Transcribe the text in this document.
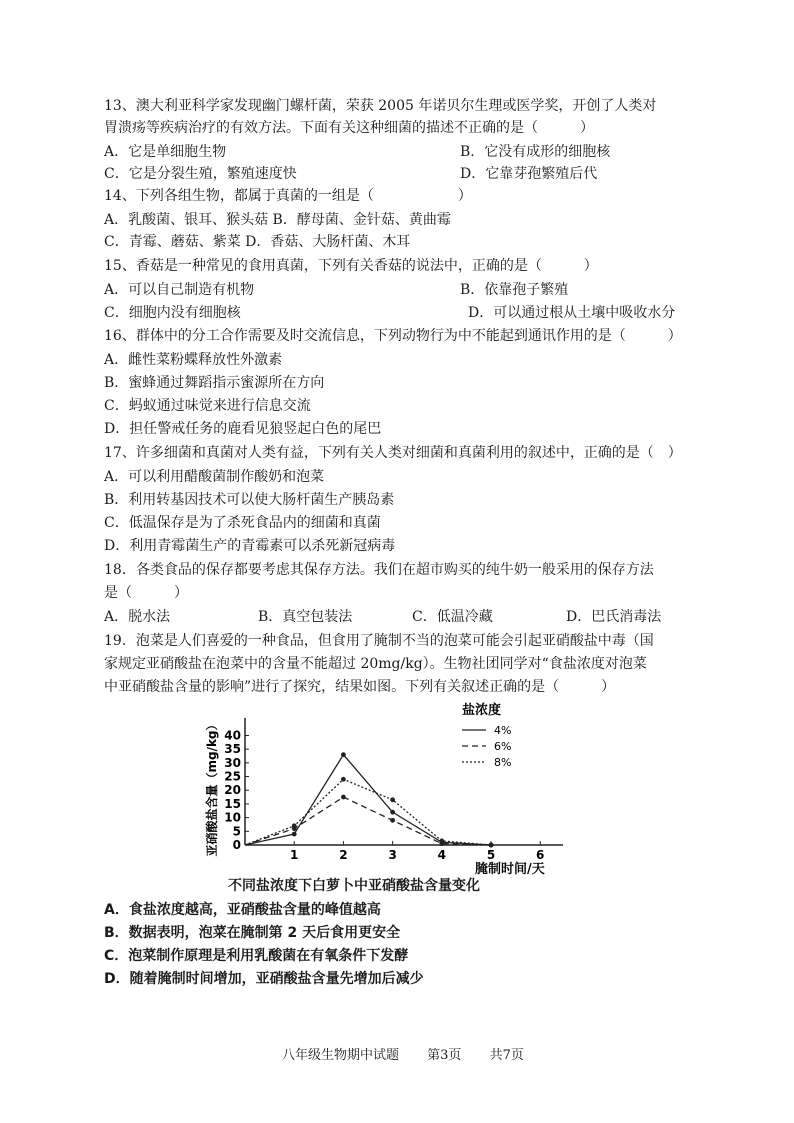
13、澳大利亚科学家发现幽门螺杆菌，荣获 2005 年诺贝尔生理或医学奖，开创了人类对
胃溃疡等疾病治疗的有效方法。下面有关这种细菌的描述不正确的是（　　　）
A．它是单细胞生物	B．它没有成形的细胞核
C．它是分裂生殖，繁殖速度快	D．它靠芽孢繁殖后代
14、下列各组生物，都属于真菌的一组是（　　　　　　）
A．乳酸菌、银耳、猴头菇 B．酵母菌、金针菇、黄曲霉
C．青霉、蘑菇、紫菜 D．香菇、大肠杆菌、木耳
15、香菇是一种常见的食用真菌，下列有关香菇的说法中，正确的是（　　　）
A．可以自己制造有机物	B．依靠孢子繁殖
C．细胞内没有细胞核	D．可以通过根从土壤中吸收水分
16、群体中的分工合作需要及时交流信息，下列动物行为中不能起到通讯作用的是（　　　）
A．雌性菜粉蝶释放性外激素
B．蜜蜂通过舞蹈指示蜜源所在方向
C．蚂蚁通过味觉来进行信息交流
D．担任警戒任务的鹿看见狼竖起白色的尾巴
17、许多细菌和真菌对人类有益，下列有关人类对细菌和真菌利用的叙述中，正确的是（　）
A．可以利用醋酸菌制作酸奶和泡菜
B．利用转基因技术可以使大肠杆菌生产胰岛素
C．低温保存是为了杀死食品内的细菌和真菌
D．利用青霉菌生产的青霉素可以杀死新冠病毒
18．各类食品的保存都要考虑其保存方法。我们在超市购买的纯牛奶一般采用的保存方法
是（　　　）
A．脱水法	B．真空包装法	C．低温冷藏	D．巴氏消毒法
19．泡菜是人们喜爱的一种食品，但食用了腌制不当的泡菜可能会引起亚硝酸盐中毒（国
家规定亚硝酸盐在泡菜中的含量不能超过 20mg/kg）。生物社团同学对“食盐浓度对泡菜
中亚硝酸盐含量的影响”进行了探究，结果如图。下列有关叙述正确的是（　　　）
0
5
10
15
20
25
30
35
40
1	2	3	4	5	6
腌制时间/天
亚硝酸盐含量（mg/kg）
盐浓度
4%
6%
8%
不同盐浓度下白萝卜中亚硝酸盐含量变化
A．食盐浓度越高，亚硝酸盐含量的峰值越高
B．数据表明，泡菜在腌制第 2 天后食用更安全
C．泡菜制作原理是利用乳酸菌在有氧条件下发酵
D．随着腌制时间增加，亚硝酸盐含量先增加后减少
八年级生物期中试题 第3页 共7页
